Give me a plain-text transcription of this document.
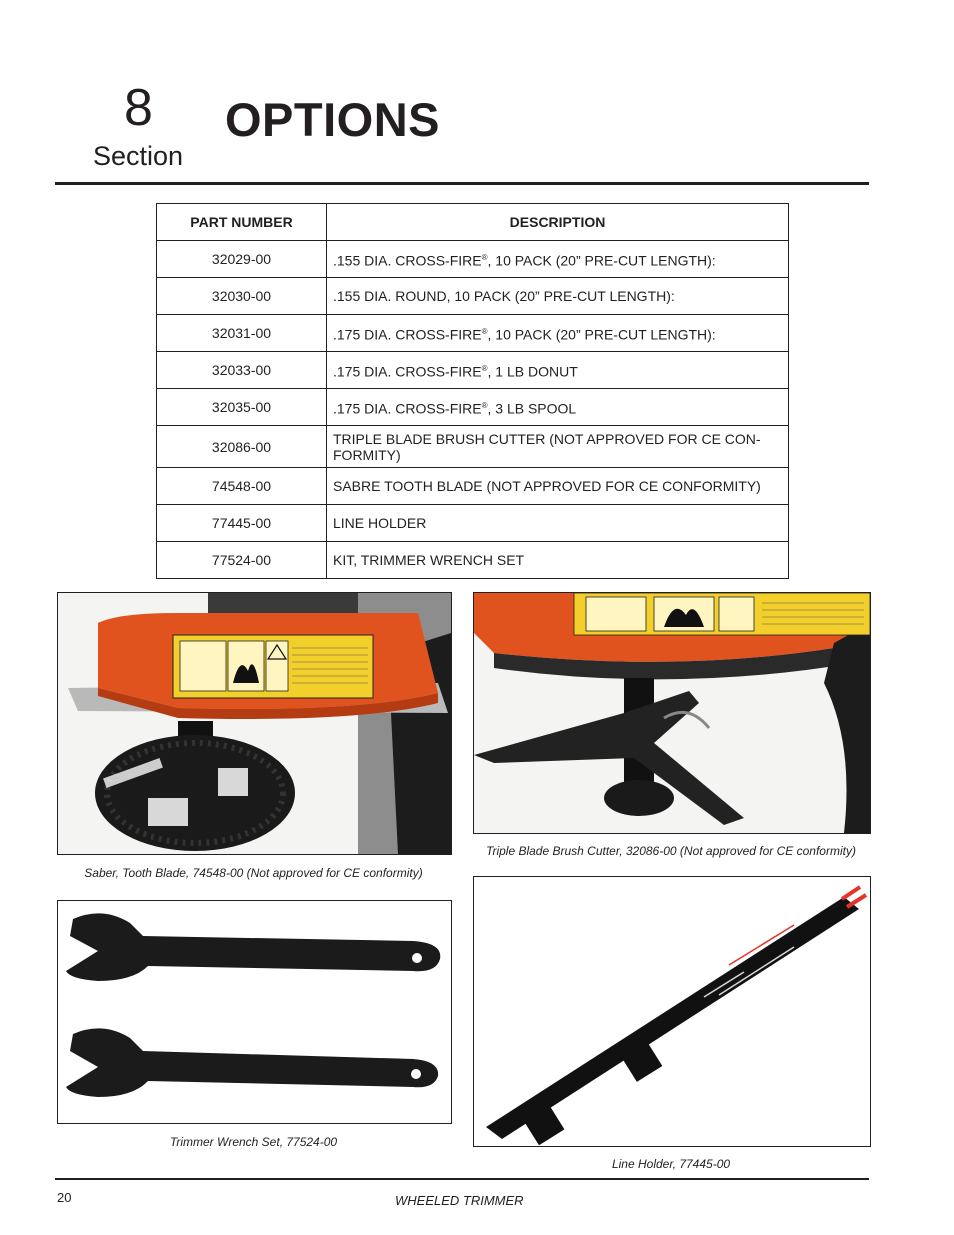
8
Section
OPTIONS
PART NUMBER	DESCRIPTION
32029-00	.155 DIA. CROSS-FIRE®, 10 PACK (20” PRE-CUT LENGTH):
32030-00	.155 DIA. ROUND, 10 PACK (20” PRE-CUT LENGTH):
32031-00	.175 DIA. CROSS-FIRE®, 10 PACK (20” PRE-CUT LENGTH):
32033-00	.175 DIA. CROSS-FIRE®, 1 LB DONUT
32035-00	.175 DIA. CROSS-FIRE®, 3 LB SPOOL
32086-00	TRIPLE BLADE BRUSH CUTTER (NOT APPROVED FOR CE CON-FORMITY)
74548-00	SABRE TOOTH BLADE (NOT APPROVED FOR CE CONFORMITY)
77445-00	LINE HOLDER
77524-00	KIT, TRIMMER WRENCH SET
Saber, Tooth Blade, 74548-00 (Not approved for CE conformity)
Triple Blade Brush Cutter, 32086-00 (Not approved for CE conformity)
Trimmer Wrench Set, 77524-00
Line Holder, 77445-00
20	WHEELED TRIMMER
